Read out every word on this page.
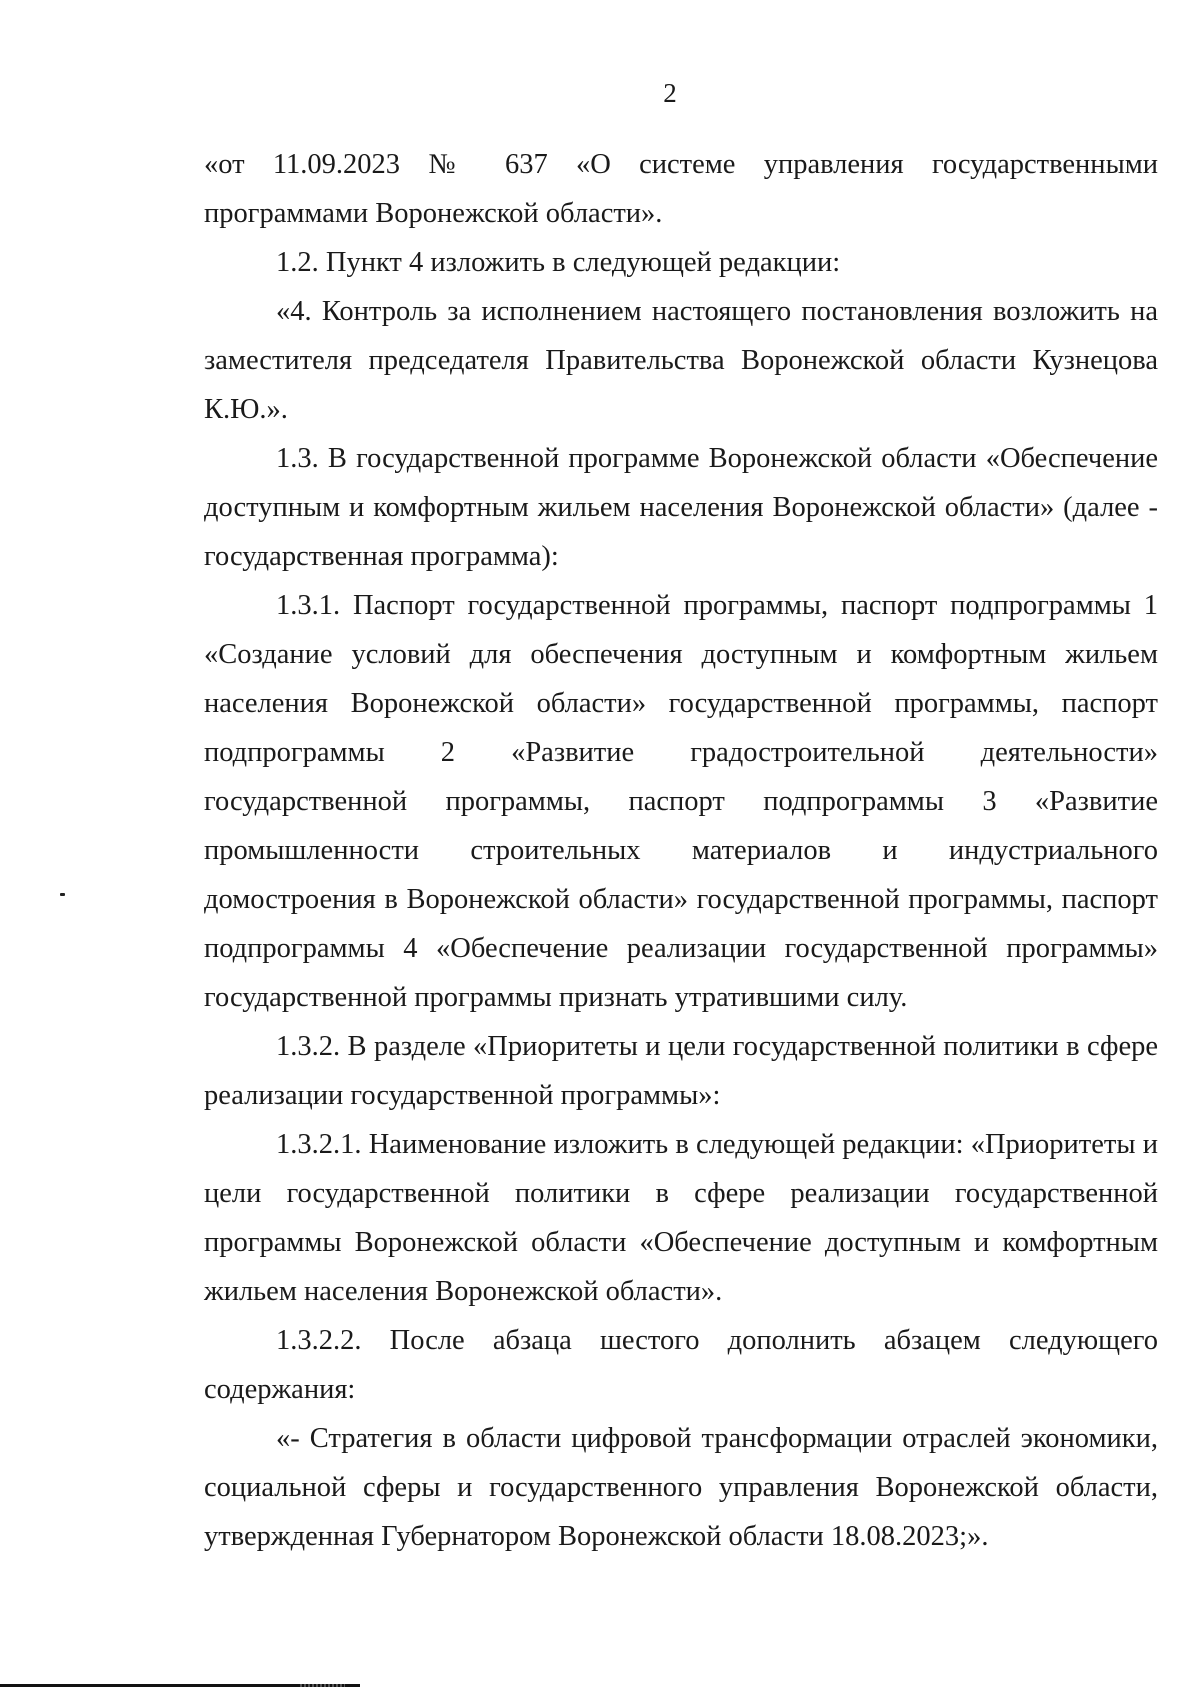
2

«от 11.09.2023 № 637 «О системе управления государственными программами Воронежской области».

1.2. Пункт 4 изложить в следующей редакции:

«4. Контроль за исполнением настоящего постановления возложить на заместителя председателя Правительства Воронежской области Кузнецова К.Ю.».

1.3. В государственной программе Воронежской области «Обеспечение доступным и комфортным жильем населения Воронежской области» (далее - государственная программа):

1.3.1. Паспорт государственной программы, паспорт подпрограммы 1 «Создание условий для обеспечения доступным и комфортным жильем населения Воронежской области» государственной программы, паспорт подпрограммы 2 «Развитие градостроительной деятельности» государственной программы, паспорт подпрограммы 3 «Развитие промышленности строительных материалов и индустриального домостроения в Воронежской области» государственной программы, паспорт подпрограммы 4 «Обеспечение реализации государственной программы» государственной программы признать утратившими силу.

1.3.2. В разделе «Приоритеты и цели государственной политики в сфере реализации государственной программы»:

1.3.2.1. Наименование изложить в следующей редакции: «Приоритеты и цели государственной политики в сфере реализации государственной программы Воронежской области «Обеспечение доступным и комфортным жильем населения Воронежской области».

1.3.2.2. После абзаца шестого дополнить абзацем следующего содержания:

«- Стратегия в области цифровой трансформации отраслей экономики, социальной сферы и государственного управления Воронежской области, утвержденная Губернатором Воронежской области 18.08.2023;».
